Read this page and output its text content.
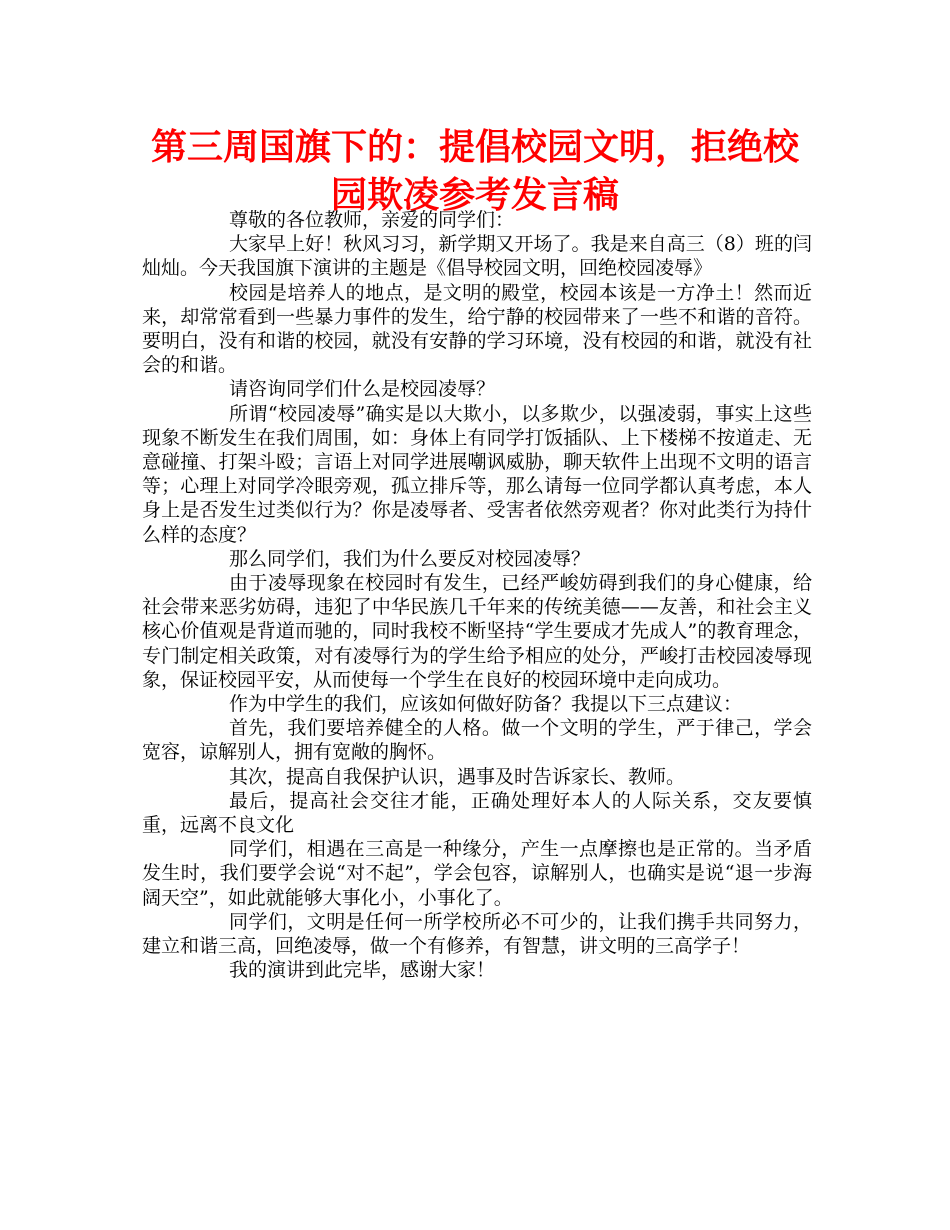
第三周国旗下的：提倡校园文明，拒绝校园欺凌参考发言稿

尊敬的各位教师，亲爱的同学们：

大家早上好！秋风习习，新学期又开场了。我是来自高三（8）班的闫灿灿。今天我国旗下演讲的主题是《倡导校园文明，回绝校园凌辱》

校园是培养人的地点，是文明的殿堂，校园本该是一方净土！然而近来，却常常看到一些暴力事件的发生，给宁静的校园带来了一些不和谐的音符。要明白，没有和谐的校园，就没有安静的学习环境，没有校园的和谐，就没有社会的和谐。

请咨询同学们什么是校园凌辱？

所谓“校园凌辱”确实是以大欺小，以多欺少，以强凌弱，事实上这些现象不断发生在我们周围，如：身体上有同学打饭插队、上下楼梯不按道走、无意碰撞、打架斗殴；言语上对同学进展嘲讽威胁，聊天软件上出现不文明的语言等；心理上对同学冷眼旁观，孤立排斥等，那么请每一位同学都认真考虑，本人身上是否发生过类似行为？你是凌辱者、受害者依然旁观者？你对此类行为持什么样的态度？

那么同学们，我们为什么要反对校园凌辱？

由于凌辱现象在校园时有发生，已经严峻妨碍到我们的身心健康，给社会带来恶劣妨碍，违犯了中华民族几千年来的传统美德——友善，和社会主义核心价值观是背道而驰的，同时我校不断坚持“学生要成才先成人”的教育理念，专门制定相关政策，对有凌辱行为的学生给予相应的处分，严峻打击校园凌辱现象，保证校园平安，从而使每一个学生在良好的校园环境中走向成功。

作为中学生的我们，应该如何做好防备？我提以下三点建议：

首先，我们要培养健全的人格。做一个文明的学生，严于律己，学会宽容，谅解别人，拥有宽敞的胸怀。

其次，提高自我保护认识，遇事及时告诉家长、教师。

最后，提高社会交往才能，正确处理好本人的人际关系，交友要慎重，远离不良文化

同学们，相遇在三高是一种缘分，产生一点摩擦也是正常的。当矛盾发生时，我们要学会说“对不起”，学会包容，谅解别人，也确实是说“退一步海阔天空”，如此就能够大事化小，小事化了。

同学们，文明是任何一所学校所必不可少的，让我们携手共同努力，建立和谐三高，回绝凌辱，做一个有修养，有智慧，讲文明的三高学子！

我的演讲到此完毕，感谢大家！
